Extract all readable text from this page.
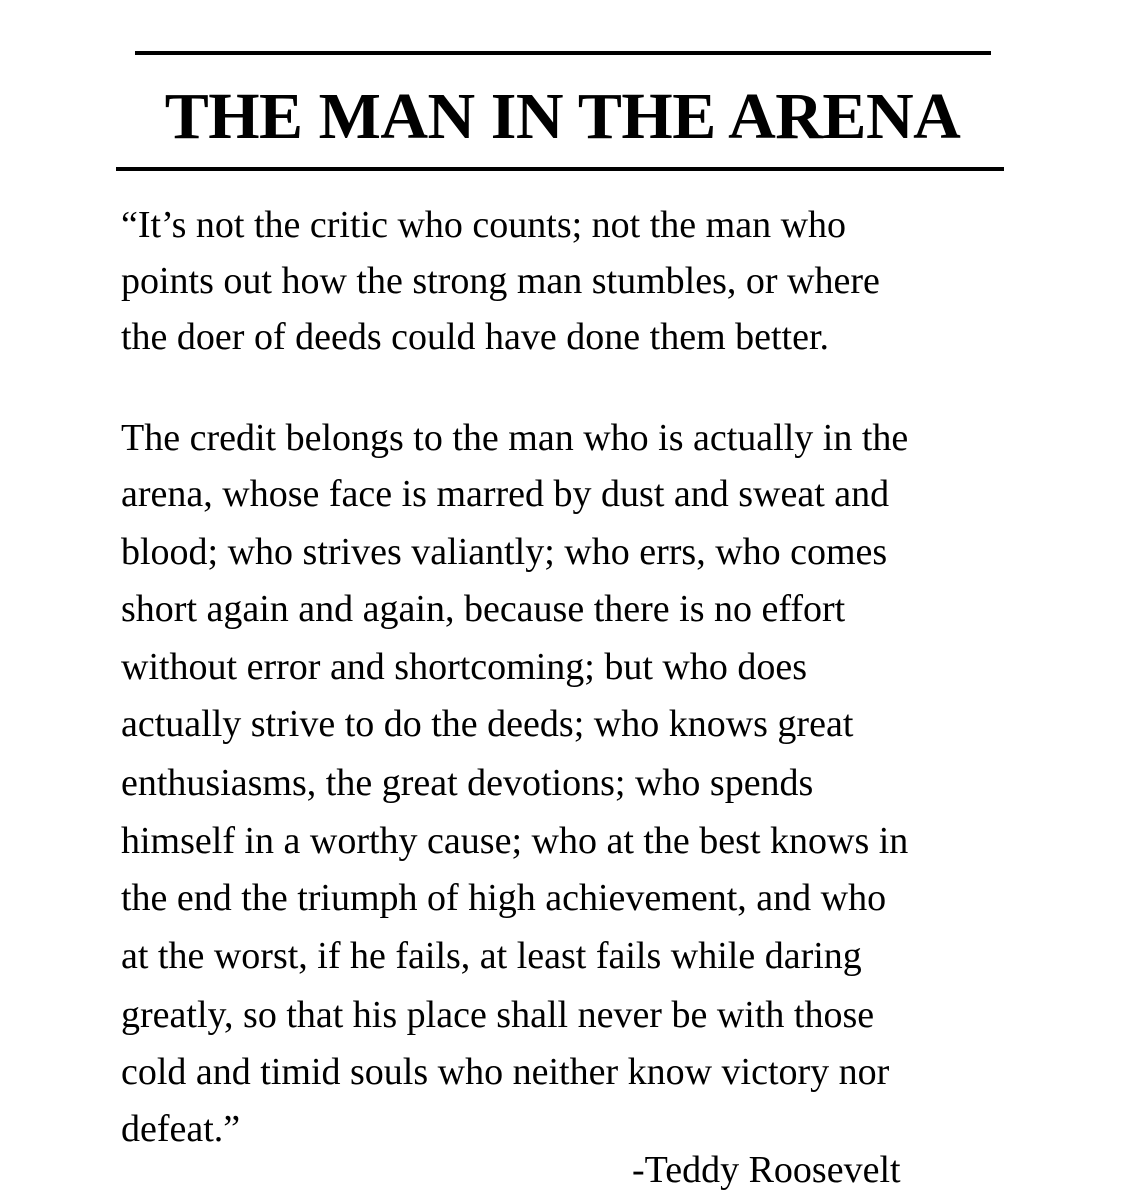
THE MAN IN THE ARENA
“It’s not the critic who counts; not the man who
points out how the strong man stumbles, or where
the doer of deeds could have done them better.
The credit belongs to the man who is actually in the
arena, whose face is marred by dust and sweat and
blood; who strives valiantly; who errs, who comes
short again and again, because there is no effort
without error and shortcoming; but who does
actually strive to do the deeds; who knows great
enthusiasms, the great devotions; who spends
himself in a worthy cause; who at the best knows in
the end the triumph of high achievement, and who
at the worst, if he fails, at least fails while daring
greatly, so that his place shall never be with those
cold and timid souls who neither know victory nor
defeat.”
-Teddy Roosevelt
